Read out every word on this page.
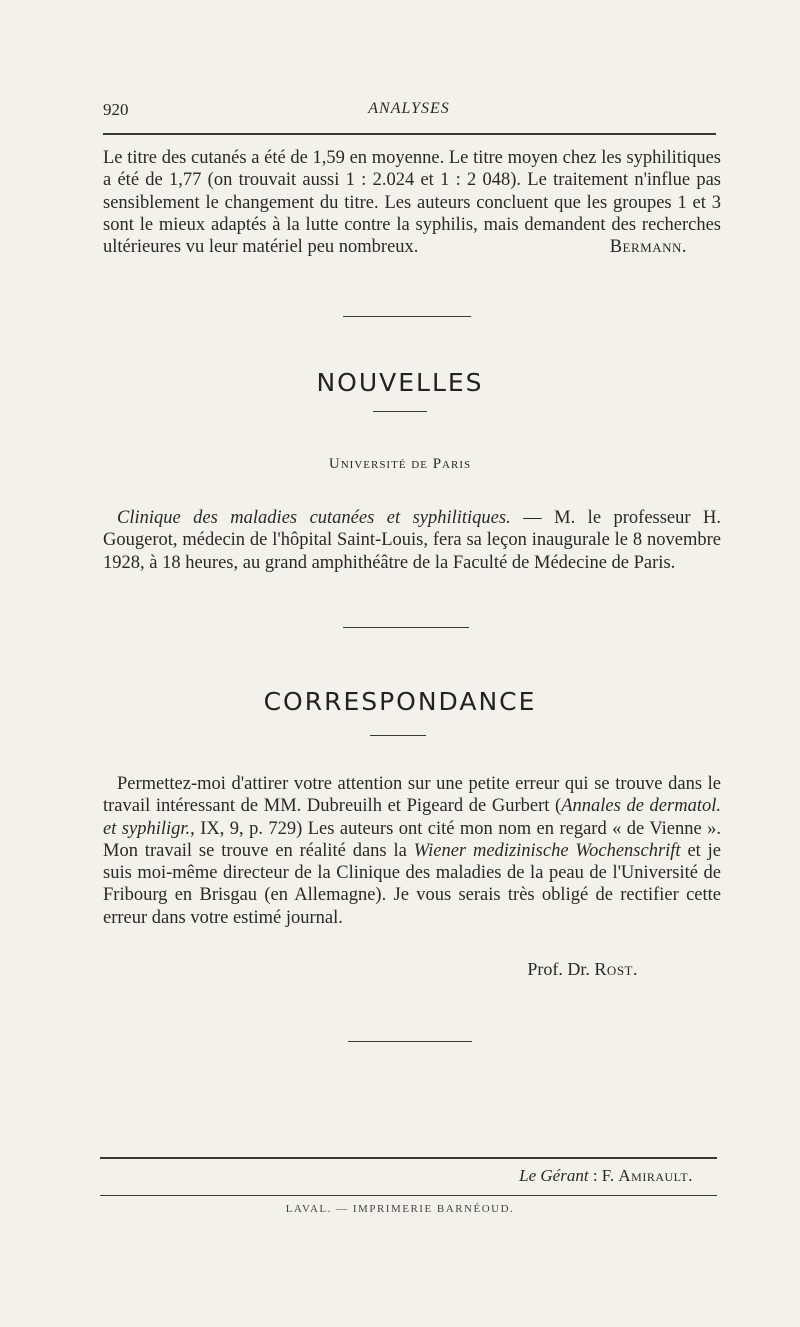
920	ANALYSES
Le titre des cutanés a été de 1,59 en moyenne. Le titre moyen chez les syphilitiques a été de 1,77 (on trouvait aussi 1 : 2.024 et 1 : 2 048). Le traitement n'influe pas sensiblement le changement du titre. Les auteurs concluent que les groupes 1 et 3 sont le mieux adaptés à la lutte contre la syphilis, mais demandent des recherches ultérieures vu leur matériel peu nombreux.	Bermann.
NOUVELLES
Université de Paris
Clinique des maladies cutanées et syphilitiques. — M. le professeur H. Gougerot, médecin de l'hôpital Saint-Louis, fera sa leçon inaugurale le 8 novembre 1928, à 18 heures, au grand amphithéâtre de la Faculté de Médecine de Paris.
CORRESPONDANCE
Permettez-moi d'attirer votre attention sur une petite erreur qui se trouve dans le travail intéressant de MM. Dubreuilh et Pigeard de Gurbert (Annales de dermatol. et syphiligr., IX, 9, p. 729) Les auteurs ont cité mon nom en regard « de Vienne ». Mon travail se trouve en réalité dans la Wiener medizinische Wochenschrift et je suis moi-même directeur de la Clinique des maladies de la peau de l'Université de Fribourg en Brisgau (en Allemagne). Je vous serais très obligé de rectifier cette erreur dans votre estimé journal.
Prof. Dr. Rost.
Le Gérant : F. Amirault.
LAVAL. — IMPRIMERIE BARNÉOUD.
